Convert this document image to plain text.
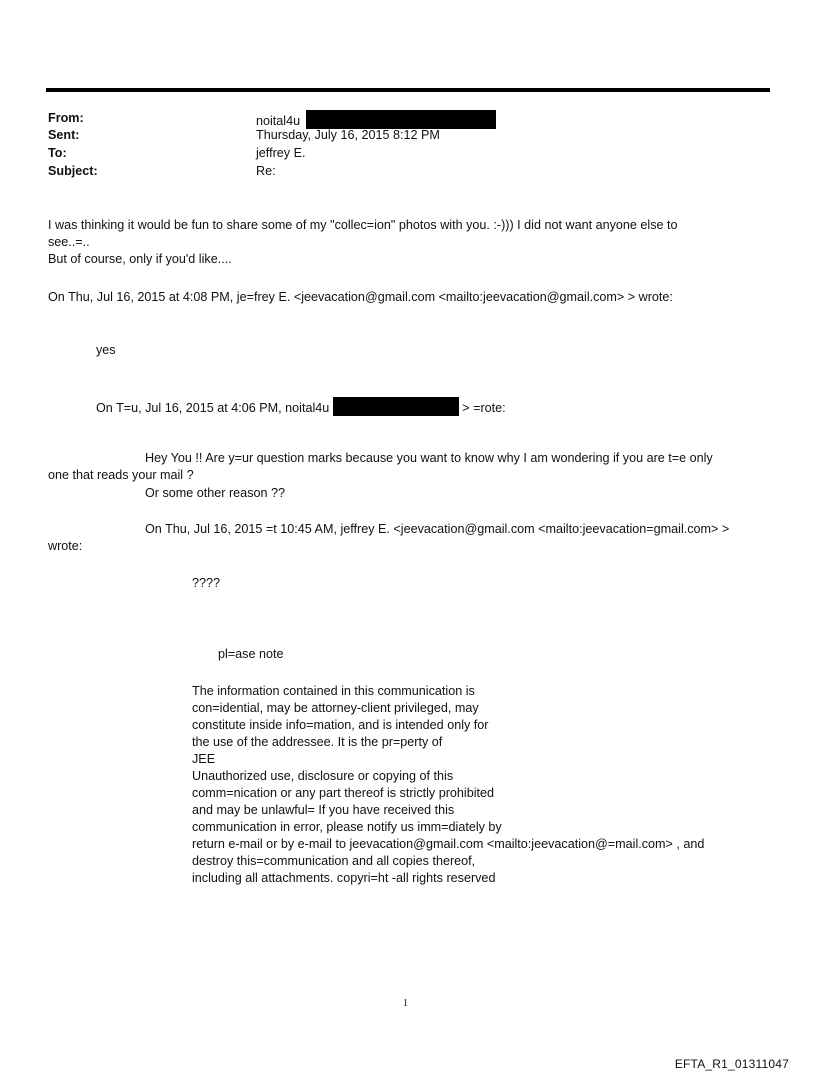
From:	noital4u
Sent:	Thursday, July 16, 2015 8:12 PM
To:	jeffrey E.
Subject:	Re:
I was thinking it would be fun to share some of my "collec=ion" photos with you. :-))) I did not want anyone else to
see..=..
But of course, only if you'd like....
On Thu, Jul 16, 2015 at 4:08 PM, je=frey E. <jeevacation@gmail.com <mailto:jeevacation@gmail.com> > wrote:
yes
On T=u, Jul 16, 2015 at 4:06 PM, noital4u	> =rote:
Hey You !! Are y=ur question marks because you want to know why I am wondering if you are t=e only
one that reads your mail ?
Or some other reason ??
On Thu, Jul 16, 2015 =t 10:45 AM, jeffrey E. <jeevacation@gmail.com <mailto:jeevacation=gmail.com> >
wrote:
????
pl=ase note
The information contained in this communication is
con=idential, may be attorney-client privileged, may
constitute inside info=mation, and is intended only for
the use of the addressee. It is the pr=perty of
JEE
Unauthorized use, disclosure or copying of this
comm=nication or any part thereof is strictly prohibited
and may be unlawful= If you have received this
communication in error, please notify us imm=diately by
return e-mail or by e-mail to jeevacation@gmail.com <mailto:jeevacation@=mail.com> , and
destroy this=communication and all copies thereof,
including all attachments. copyri=ht -all rights reserved
1
EFTA_R1_01311047
